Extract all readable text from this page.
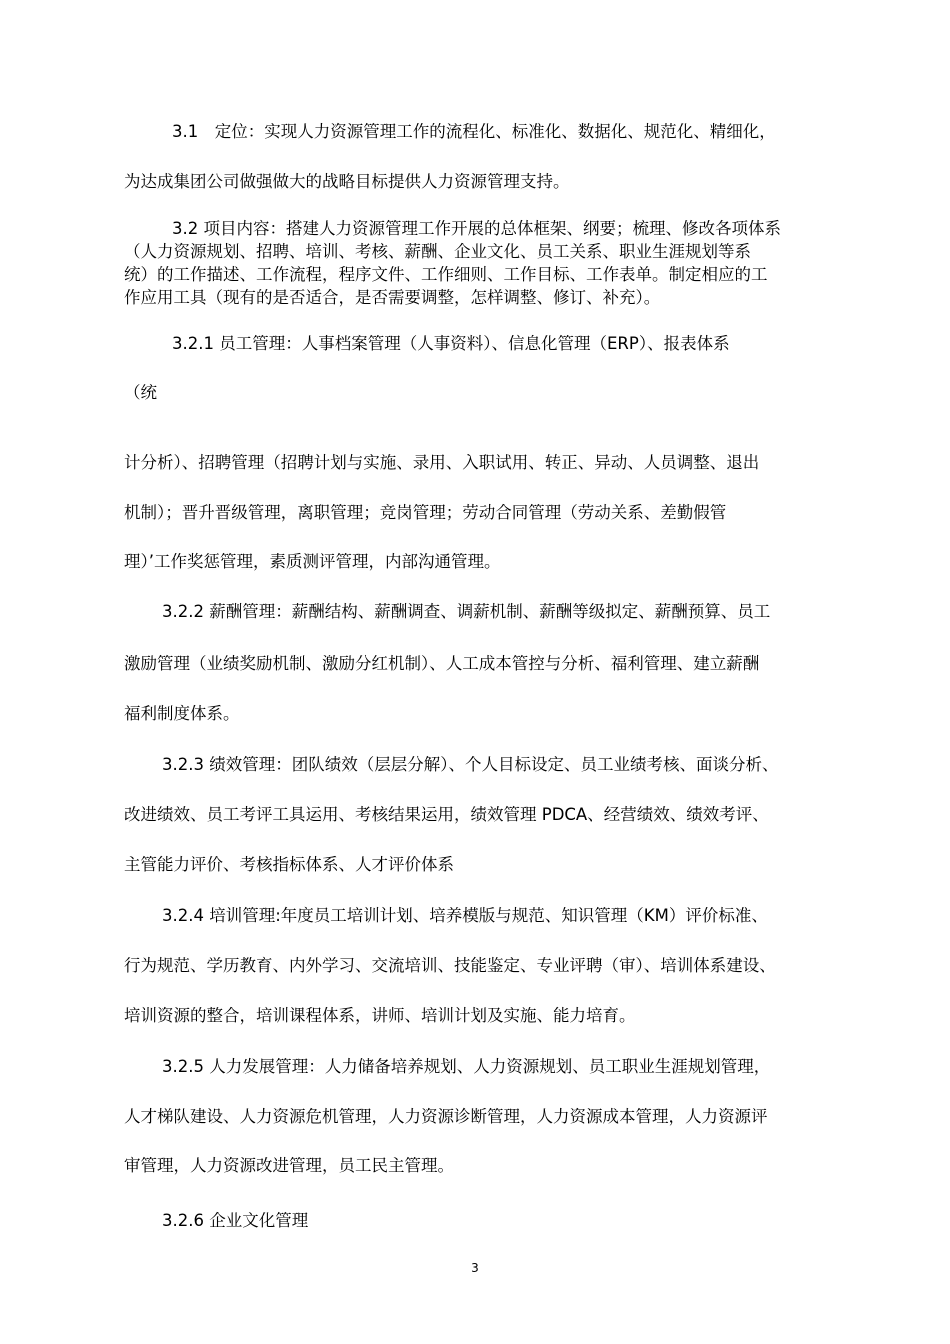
3.1　定位：实现人力资源管理工作的流程化、标准化、数据化、规范化、精细化，
为达成集团公司做强做大的战略目标提供人力资源管理支持。
3.2 项目内容：搭建人力资源管理工作开展的总体框架、纲要；梳理、修改各项体系
（人力资源规划、招聘、培训、考核、薪酬、企业文化、员工关系、职业生涯规划等系
统）的工作描述、工作流程，程序文件、工作细则、工作目标、工作表单。制定相应的工
作应用工具（现有的是否适合，是否需要调整，怎样调整、修订、补充）。
3.2.1 员工管理：人事档案管理（人事资料）、信息化管理（ERP）、报表体系
（统
计分析）、招聘管理（招聘计划与实施、录用、入职试用、转正、异动、人员调整、退出
机制）；晋升晋级管理，离职管理；竞岗管理；劳动合同管理（劳动关系、差勤假管
理）’工作奖惩管理，素质测评管理，内部沟通管理。
3.2.2 薪酬管理：薪酬结构、薪酬调查、调薪机制、薪酬等级拟定、薪酬预算、员工
激励管理（业绩奖励机制、激励分红机制）、人工成本管控与分析、福利管理、建立薪酬
福利制度体系。
3.2.3 绩效管理：团队绩效（层层分解）、个人目标设定、员工业绩考核、面谈分析、
改进绩效、员工考评工具运用、考核结果运用，绩效管理 PDCA、经营绩效、绩效考评、
主管能力评价、考核指标体系、人才评价体系
3.2.4 培训管理:年度员工培训计划、培养模版与规范、知识管理（KM）评价标准、
行为规范、学历教育、内外学习、交流培训、技能鉴定、专业评聘（审）、培训体系建设、
培训资源的整合，培训课程体系，讲师、培训计划及实施、能力培育。
3.2.5 人力发展管理：人力储备培养规划、人力资源规划、员工职业生涯规划管理，
人才梯队建设、人力资源危机管理，人力资源诊断管理，人力资源成本管理，人力资源评
审管理，人力资源改进管理，员工民主管理。
3.2.6 企业文化管理
3
